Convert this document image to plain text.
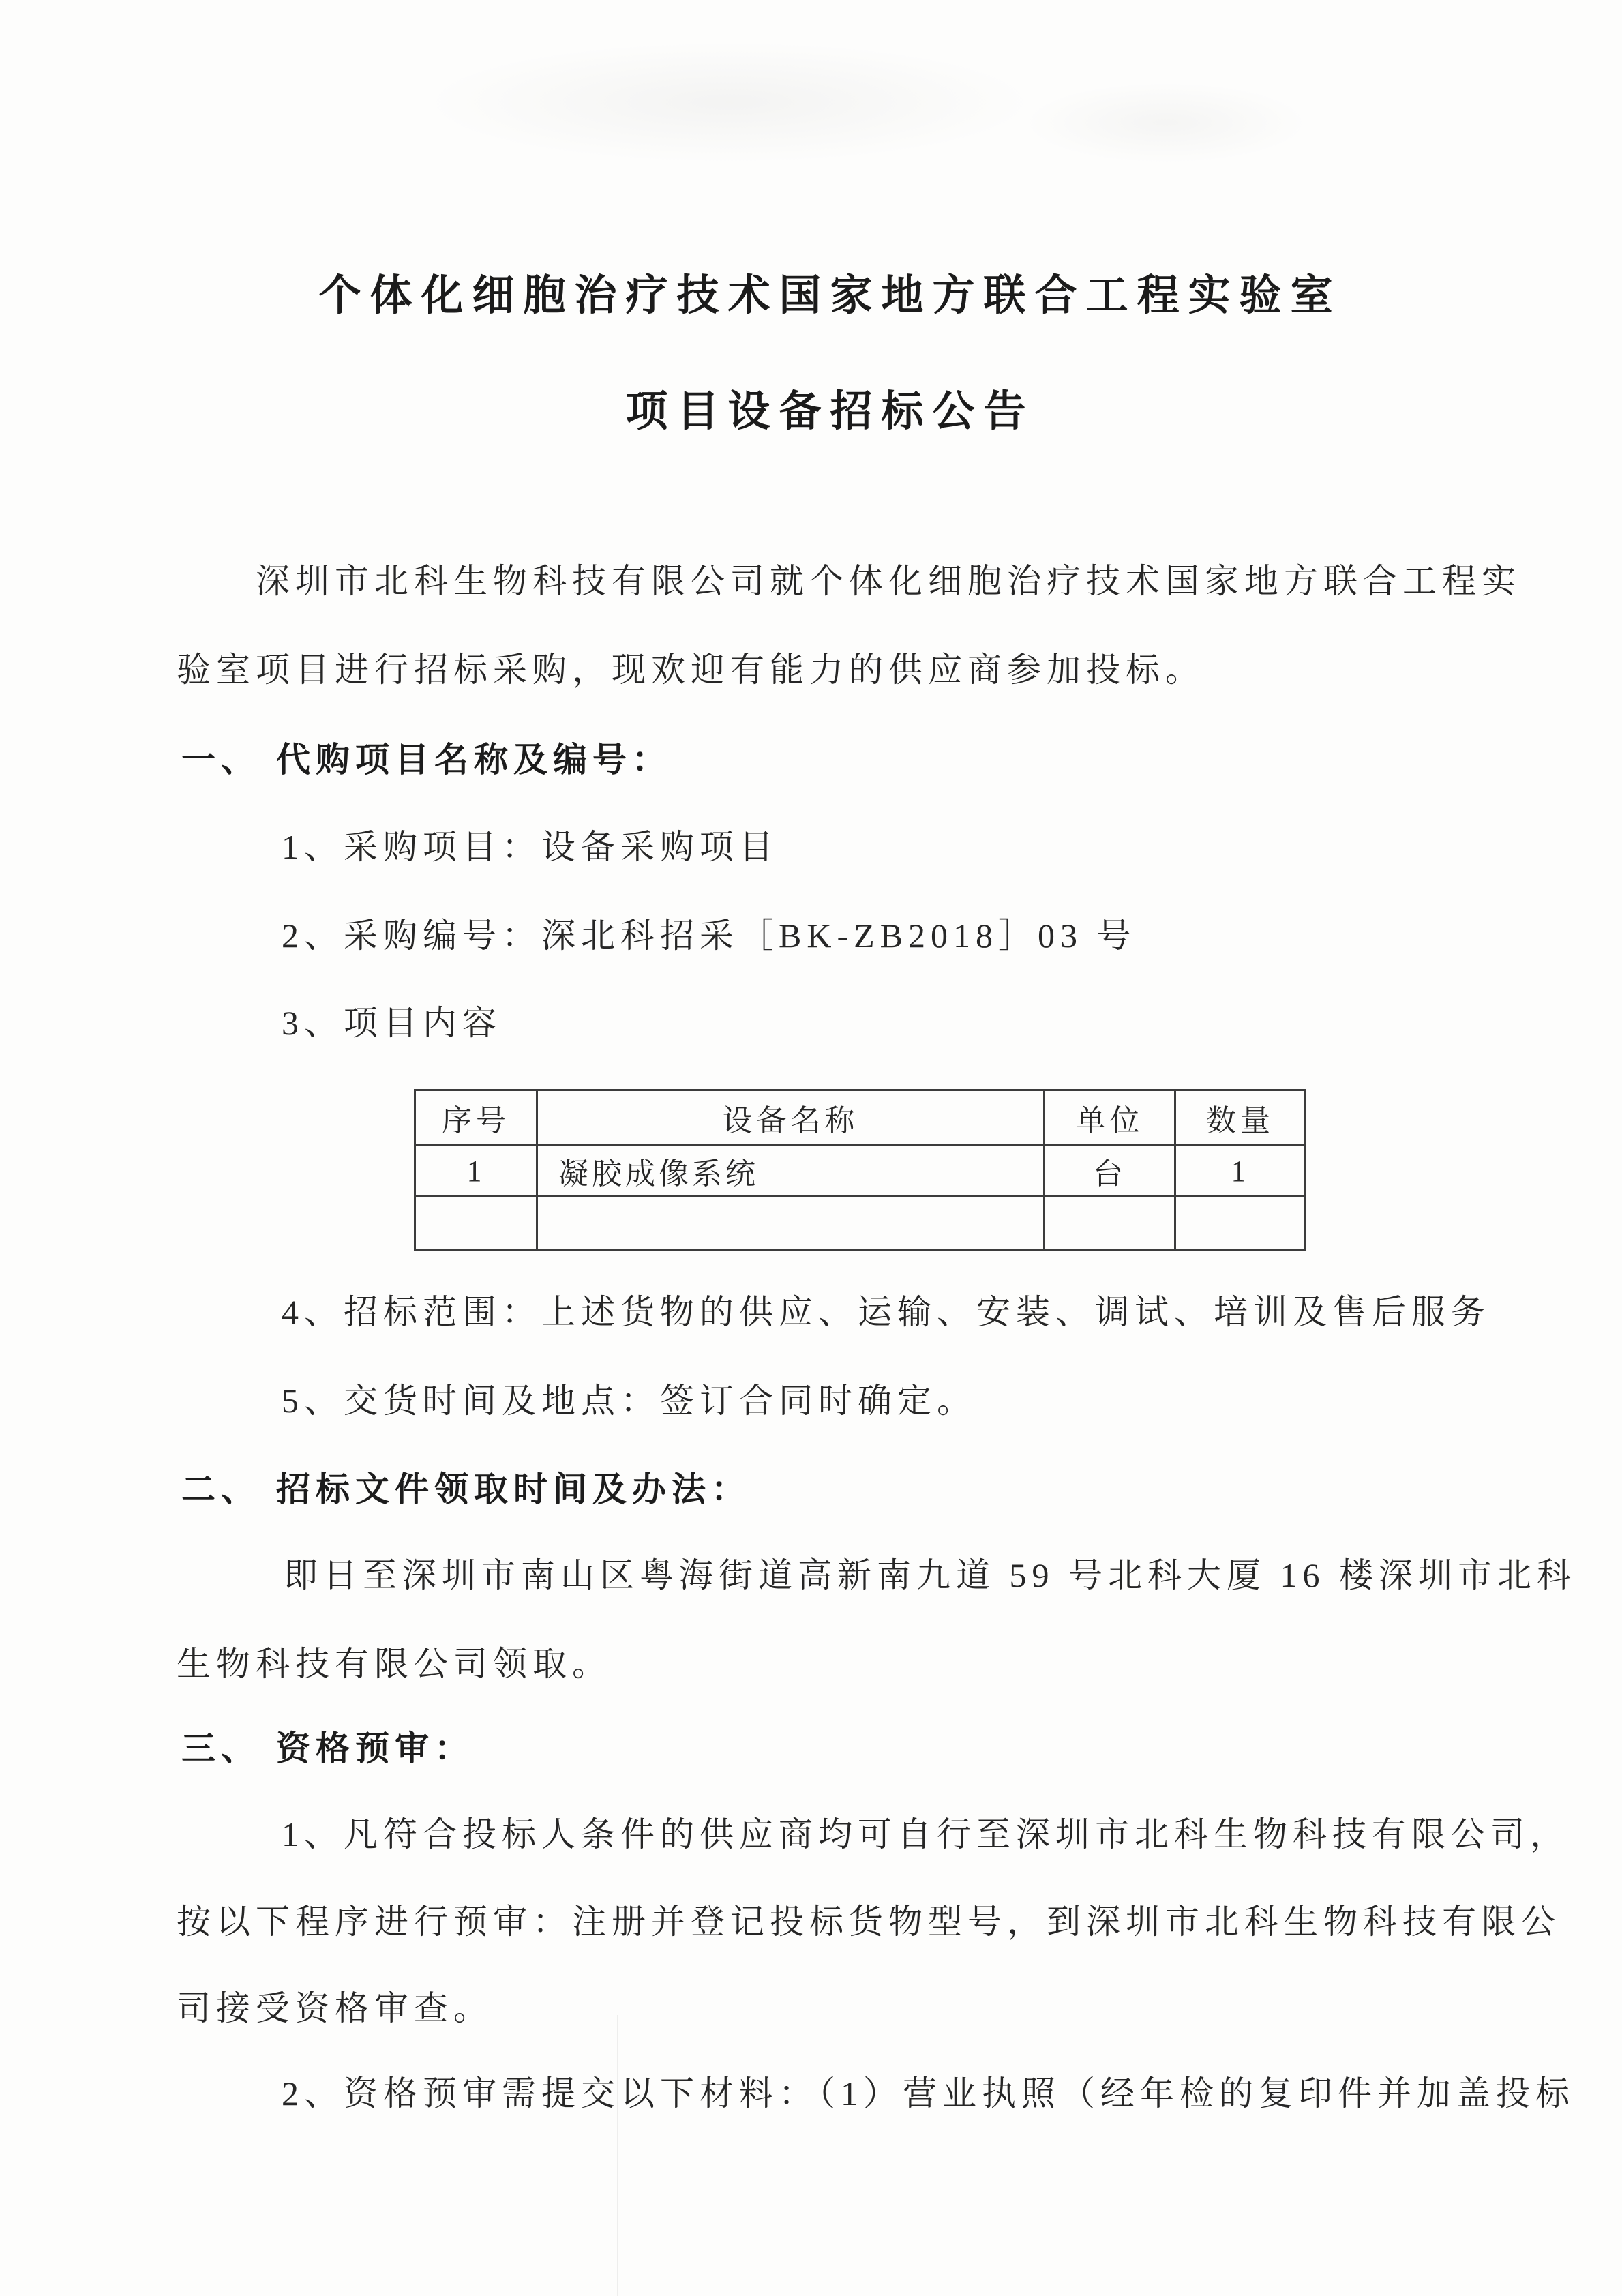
个体化细胞治疗技术国家地方联合工程实验室
项目设备招标公告
深圳市北科生物科技有限公司就个体化细胞治疗技术国家地方联合工程实
验室项目进行招标采购，现欢迎有能力的供应商参加投标。
一、 代购项目名称及编号：
1、采购项目：设备采购项目
2、采购编号：深北科招采［BK-ZB2018］03 号
3、项目内容
序号	设备名称	单位	数量
1	凝胶成像系统	台	1

4、招标范围：上述货物的供应、运输、安装、调试、培训及售后服务
5、交货时间及地点：签订合同时确定。
二、 招标文件领取时间及办法：
即日至深圳市南山区粤海街道高新南九道 59 号北科大厦 16 楼深圳市北科
生物科技有限公司领取。
三、 资格预审：
1、凡符合投标人条件的供应商均可自行至深圳市北科生物科技有限公司，
按以下程序进行预审：注册并登记投标货物型号，到深圳市北科生物科技有限公
司接受资格审查。
2、资格预审需提交以下材料：（1）营业执照（经年检的复印件并加盖投标
